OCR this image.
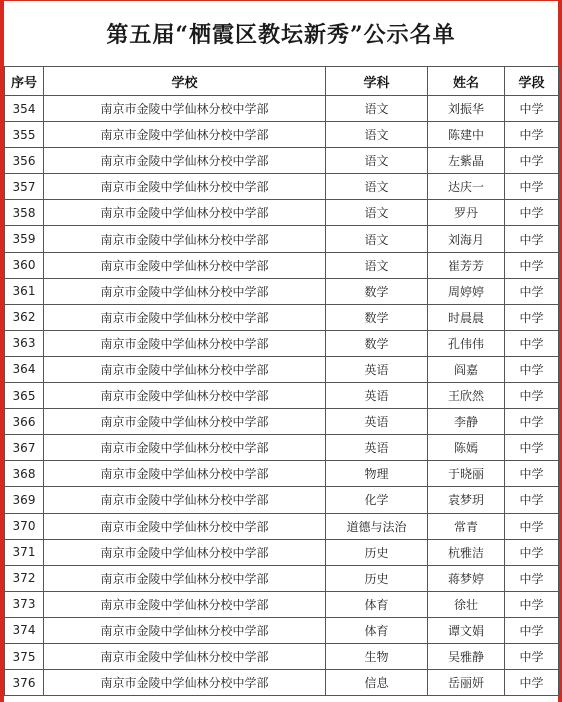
第五届“栖霞区教坛新秀”公示名单
序号	学校	学科	姓名	学段
354	南京市金陵中学仙林分校中学部	语文	刘振华	中学
355	南京市金陵中学仙林分校中学部	语文	陈建中	中学
356	南京市金陵中学仙林分校中学部	语文	左紫晶	中学
357	南京市金陵中学仙林分校中学部	语文	达庆一	中学
358	南京市金陵中学仙林分校中学部	语文	罗丹	中学
359	南京市金陵中学仙林分校中学部	语文	刘海月	中学
360	南京市金陵中学仙林分校中学部	语文	崔芳芳	中学
361	南京市金陵中学仙林分校中学部	数学	周婷婷	中学
362	南京市金陵中学仙林分校中学部	数学	时晨晨	中学
363	南京市金陵中学仙林分校中学部	数学	孔伟伟	中学
364	南京市金陵中学仙林分校中学部	英语	阎嘉	中学
365	南京市金陵中学仙林分校中学部	英语	王欣然	中学
366	南京市金陵中学仙林分校中学部	英语	李静	中学
367	南京市金陵中学仙林分校中学部	英语	陈嫣	中学
368	南京市金陵中学仙林分校中学部	物理	于晓丽	中学
369	南京市金陵中学仙林分校中学部	化学	袁梦玥	中学
370	南京市金陵中学仙林分校中学部	道德与法治	常青	中学
371	南京市金陵中学仙林分校中学部	历史	杭雅洁	中学
372	南京市金陵中学仙林分校中学部	历史	蒋梦婷	中学
373	南京市金陵中学仙林分校中学部	体育	徐壮	中学
374	南京市金陵中学仙林分校中学部	体育	谭文娟	中学
375	南京市金陵中学仙林分校中学部	生物	吴雅静	中学
376	南京市金陵中学仙林分校中学部	信息	岳丽妍	中学
